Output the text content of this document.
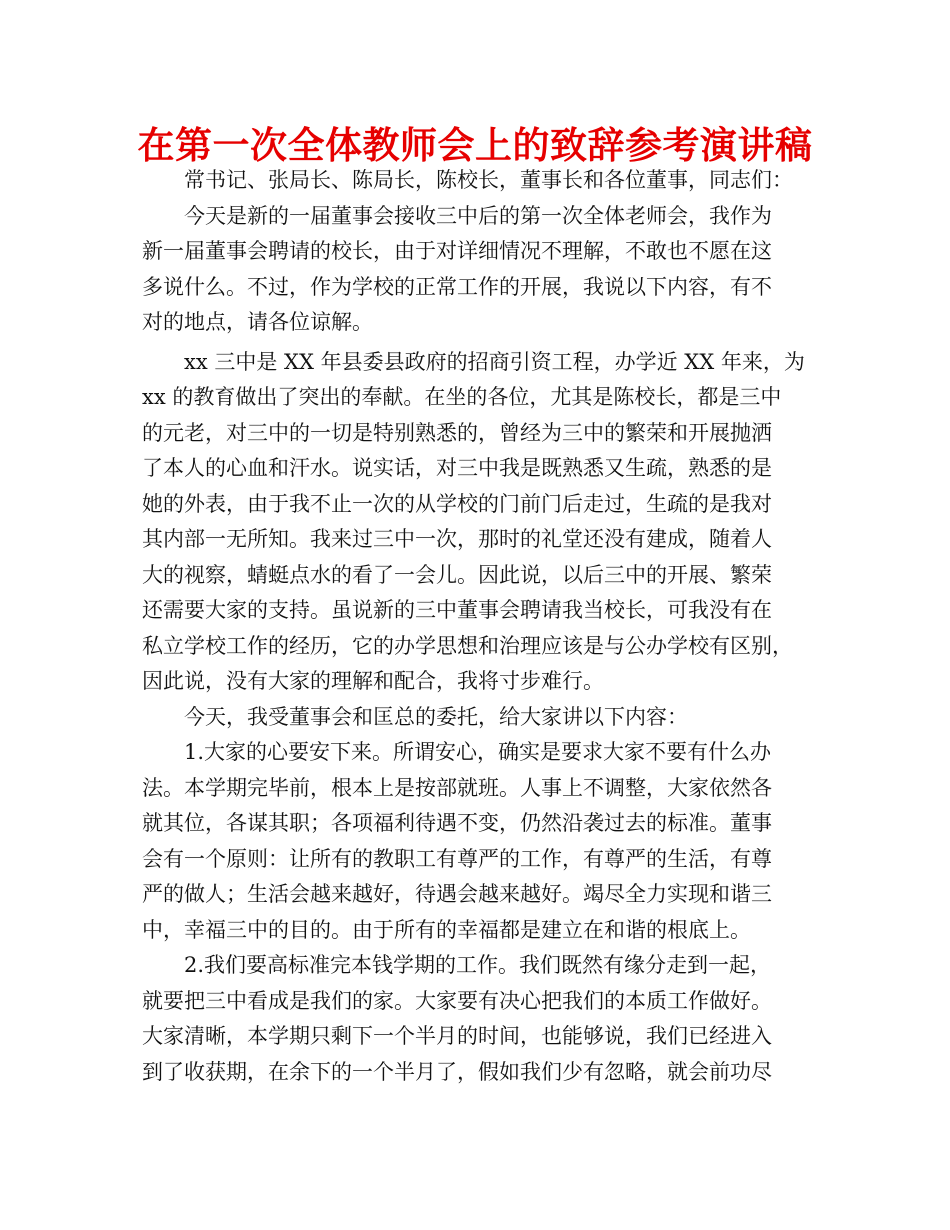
在第一次全体教师会上的致辞参考演讲稿

常书记、张局长、陈局长，陈校长，董事长和各位董事，同志们：

今天是新的一届董事会接收三中后的第一次全体老师会，我作为

新一届董事会聘请的校长，由于对详细情况不理解，不敢也不愿在这

多说什么。不过，作为学校的正常工作的开展，我说以下内容，有不

对的地点，请各位谅解。

xx 三中是 XX 年县委县政府的招商引资工程，办学近 XX 年来，为

xx 的教育做出了突出的奉献。在坐的各位，尤其是陈校长，都是三中

的元老，对三中的一切是特别熟悉的，曾经为三中的繁荣和开展抛洒

了本人的心血和汗水。说实话，对三中我是既熟悉又生疏，熟悉的是

她的外表，由于我不止一次的从学校的门前门后走过，生疏的是我对

其内部一无所知。我来过三中一次，那时的礼堂还没有建成，随着人

大的视察，蜻蜓点水的看了一会儿。因此说，以后三中的开展、繁荣

还需要大家的支持。虽说新的三中董事会聘请我当校长，可我没有在

私立学校工作的经历，它的办学思想和治理应该是与公办学校有区别，

因此说，没有大家的理解和配合，我将寸步难行。

今天，我受董事会和匡总的委托，给大家讲以下内容：

1.大家的心要安下来。所谓安心，确实是要求大家不要有什么办

法。本学期完毕前，根本上是按部就班。人事上不调整，大家依然各

就其位，各谋其职；各项福利待遇不变，仍然沿袭过去的标准。董事

会有一个原则：让所有的教职工有尊严的工作，有尊严的生活，有尊

严的做人；生活会越来越好，待遇会越来越好。竭尽全力实现和谐三

中，幸福三中的目的。由于所有的幸福都是建立在和谐的根底上。

2.我们要高标准完本钱学期的工作。我们既然有缘分走到一起，

就要把三中看成是我们的家。大家要有决心把我们的本质工作做好。

大家清晰，本学期只剩下一个半月的时间，也能够说，我们已经进入

到了收获期，在余下的一个半月了，假如我们少有忽略，就会前功尽
